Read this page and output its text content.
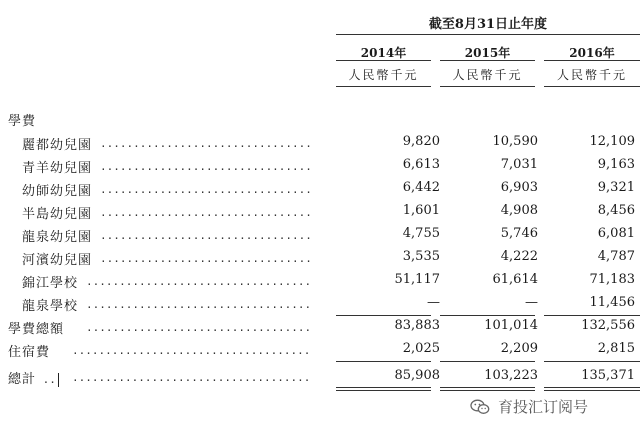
截至8月31日止年度
2014年	2015年	2016年
人民幣千元	人民幣千元	人民幣千元
學費
麗都幼兒園 ................................	9,820	10,590	12,109
青羊幼兒園 ................................	6,613	7,031	9,163
幼師幼兒園 ................................	6,442	6,903	9,321
半島幼兒園 ................................	1,601	4,908	8,456
龍泉幼兒園 ................................	4,755	5,746	6,081
河濱幼兒園 ................................	3,535	4,222	4,787
錦江學校 ..................................	51,117	61,614	71,183
龍泉學校 ..................................	—	—	11,456
學費總額 ..................................	83,883	101,014	132,556
住宿費 ....................................	2,025	2,209	2,815
總計 .. ....................................	85,908	103,223	135,371
育投汇订阅号
